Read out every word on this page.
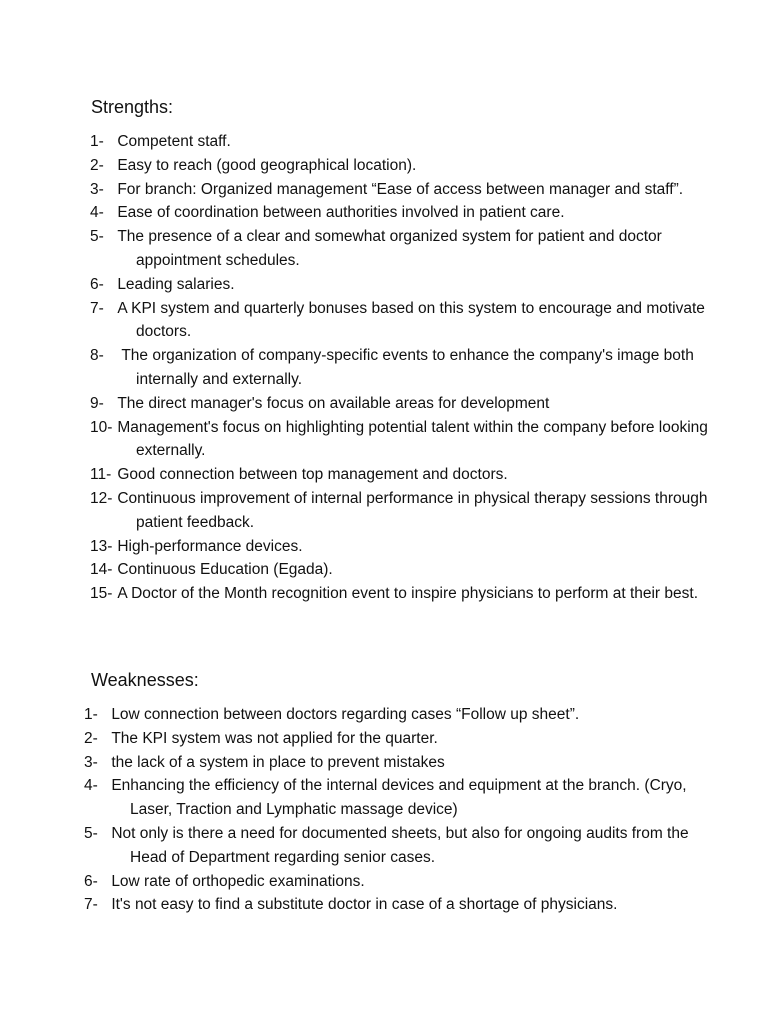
Strengths:
1- Competent staff.
2- Easy to reach (good geographical location).
3- For branch: Organized management “Ease of access between manager and staff”.
4- Ease of coordination between authorities involved in patient care.
5- The presence of a clear and somewhat organized system for patient and doctor appointment schedules.
6- Leading salaries.
7- A KPI system and quarterly bonuses based on this system to encourage and motivate doctors.
8-  The organization of company-specific events to enhance the company's image both internally and externally.
9- The direct manager's focus on available areas for development
10- Management's focus on highlighting potential talent within the company before looking externally.
11- Good connection between top management and doctors.
12- Continuous improvement of internal performance in physical therapy sessions through patient feedback.
13- High-performance devices.
14- Continuous Education (Egada).
15- A Doctor of the Month recognition event to inspire physicians to perform at their best.
Weaknesses:
1- Low connection between doctors regarding cases “Follow up sheet”.
2- The KPI system was not applied for the quarter.
3- the lack of a system in place to prevent mistakes
4- Enhancing the efficiency of the internal devices and equipment at the branch. (Cryo, Laser, Traction and Lymphatic massage device)
5- Not only is there a need for documented sheets, but also for ongoing audits from the Head of Department regarding senior cases.
6- Low rate of orthopedic examinations.
7- It's not easy to find a substitute doctor in case of a shortage of physicians.
